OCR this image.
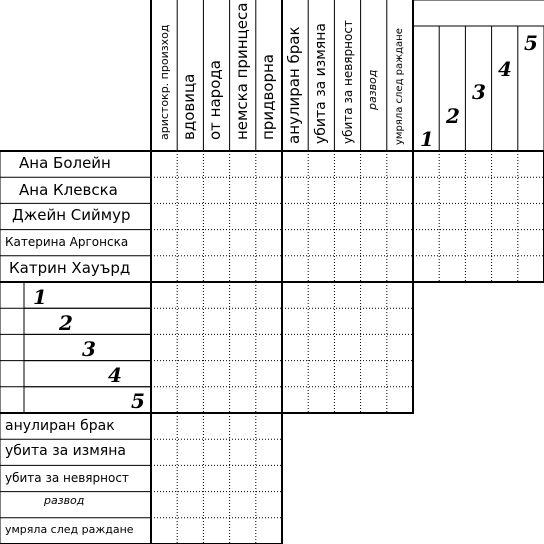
аристокр. произход вдовица от народа немска принцеса придворна анулиран брак убита за измяна убита за невярност развод умряла след раждане 1
2
3
4
5
Ана Болейн
Ана Клевска
Джейн Сиймур
Катерина Аргонска
Катрин Хауърд
1
2
3
4
5
анулиран брак
убита за измяна
убита за невярност
развод
умряла след раждане
